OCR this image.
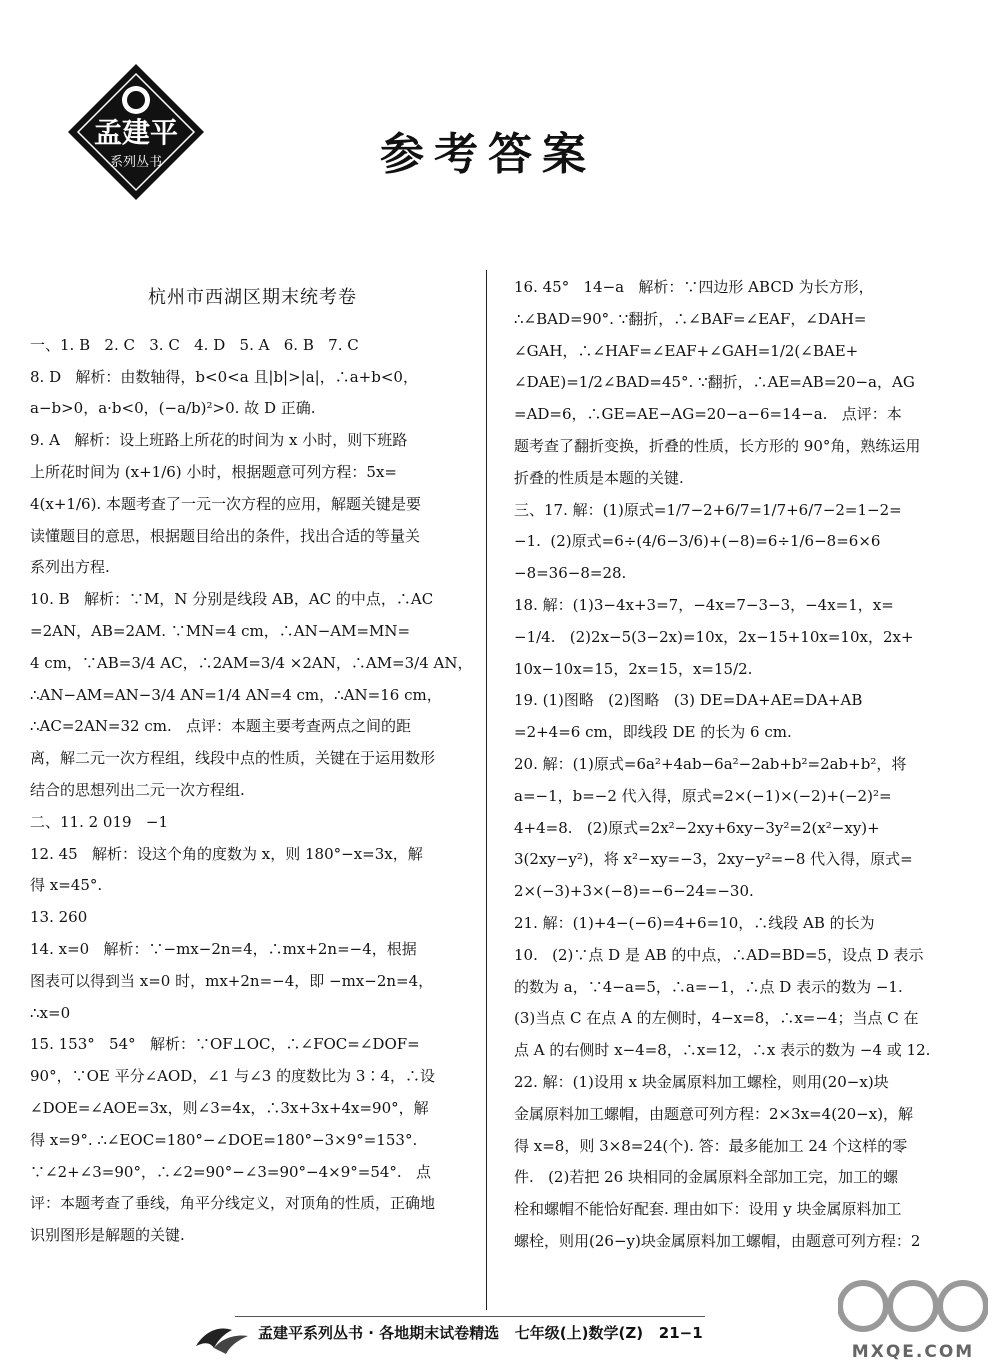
孟建平
系列丛书	参考答案
杭州市西湖区期末统考卷
一、1. B   2. C   3. C   4. D   5. A   6. B   7. C
8. D   解析：由数轴得，b<0<a 且|b|>|a|，∴a+b<0，
a−b>0，a·b<0，(−a/b)²>0. 故 D 正确.
9. A   解析：设上班路上所花的时间为 x 小时，则下班路
上所花时间为 (x+1/6) 小时，根据题意可列方程：5x=
4(x+1/6). 本题考查了一元一次方程的应用，解题关键是要
读懂题目的意思，根据题目给出的条件，找出合适的等量关
系列出方程.
10. B   解析：∵M，N 分别是线段 AB，AC 的中点，∴AC
=2AN，AB=2AM. ∵MN=4 cm，∴AN−AM=MN=
4 cm，∵AB=3/4 AC，∴2AM=3/4 ×2AN，∴AM=3/4 AN，
∴AN−AM=AN−3/4 AN=1/4 AN=4 cm，∴AN=16 cm，
∴AC=2AN=32 cm.   点评：本题主要考查两点之间的距
离，解二元一次方程组，线段中点的性质，关键在于运用数形
结合的思想列出二元一次方程组.
二、11. 2 019   −1
12. 45   解析：设这个角的度数为 x，则 180°−x=3x，解
得 x=45°.
13. 260
14. x=0   解析：∵−mx−2n=4，∴mx+2n=−4，根据
图表可以得到当 x=0 时，mx+2n=−4，即 −mx−2n=4，
∴x=0
15. 153°   54°   解析：∵OF⊥OC，∴∠FOC=∠DOF=
90°，∵OE 平分∠AOD，∠1 与∠3 的度数比为 3∶4，∴设
∠DOE=∠AOE=3x，则∠3=4x，∴3x+3x+4x=90°，解
得 x=9°. ∴∠EOC=180°−∠DOE=180°−3×9°=153°.
∵∠2+∠3=90°，∴∠2=90°−∠3=90°−4×9°=54°.   点
评：本题考查了垂线，角平分线定义，对顶角的性质，正确地
识别图形是解题的关键.
16. 45°   14−a   解析：∵四边形 ABCD 为长方形，
∴∠BAD=90°. ∵翻折，∴∠BAF=∠EAF，∠DAH=
∠GAH，∴∠HAF=∠EAF+∠GAH=1/2(∠BAE+
∠DAE)=1/2∠BAD=45°. ∵翻折，∴AE=AB=20−a，AG
=AD=6，∴GE=AE−AG=20−a−6=14−a.   点评：本
题考查了翻折变换，折叠的性质，长方形的 90°角，熟练运用
折叠的性质是本题的关键.
三、17. 解：(1)原式=1/7−2+6/7=1/7+6/7−2=1−2=
−1.  (2)原式=6÷(4/6−3/6)+(−8)=6÷1/6−8=6×6
−8=36−8=28.
18. 解：(1)3−4x+3=7，−4x=7−3−3，−4x=1，x=
−1/4.   (2)2x−5(3−2x)=10x，2x−15+10x=10x，2x+
10x−10x=15，2x=15，x=15/2.
19. (1)图略   (2)图略   (3) DE=DA+AE=DA+AB
=2+4=6 cm，即线段 DE 的长为 6 cm.
20. 解：(1)原式=6a²+4ab−6a²−2ab+b²=2ab+b²，将
a=−1，b=−2 代入得，原式=2×(−1)×(−2)+(−2)²=
4+4=8.   (2)原式=2x²−2xy+6xy−3y²=2(x²−xy)+
3(2xy−y²)，将 x²−xy=−3，2xy−y²=−8 代入得，原式=
2×(−3)+3×(−8)=−6−24=−30.
21. 解：(1)+4−(−6)=4+6=10，∴线段 AB 的长为
10.   (2)∵点 D 是 AB 的中点，∴AD=BD=5，设点 D 表示
的数为 a，∵4−a=5，∴a=−1，∴点 D 表示的数为 −1.
(3)当点 C 在点 A 的左侧时，4−x=8，∴x=−4；当点 C 在
点 A 的右侧时 x−4=8，∴x=12，∴x 表示的数为 −4 或 12.
22. 解：(1)设用 x 块金属原料加工螺栓，则用(20−x)块
金属原料加工螺帽，由题意可列方程：2×3x=4(20−x)，解
得 x=8，则 3×8=24(个). 答：最多能加工 24 个这样的零
件.   (2)若把 26 块相同的金属原料全部加工完，加工的螺
栓和螺帽不能恰好配套. 理由如下：设用 y 块金属原料加工
螺栓，则用(26−y)块金属原料加工螺帽，由题意可列方程：2
孟建平系列丛书 · 各地期末试卷精选   七年级(上)数学(Z)   21−1
MXQE.COM
